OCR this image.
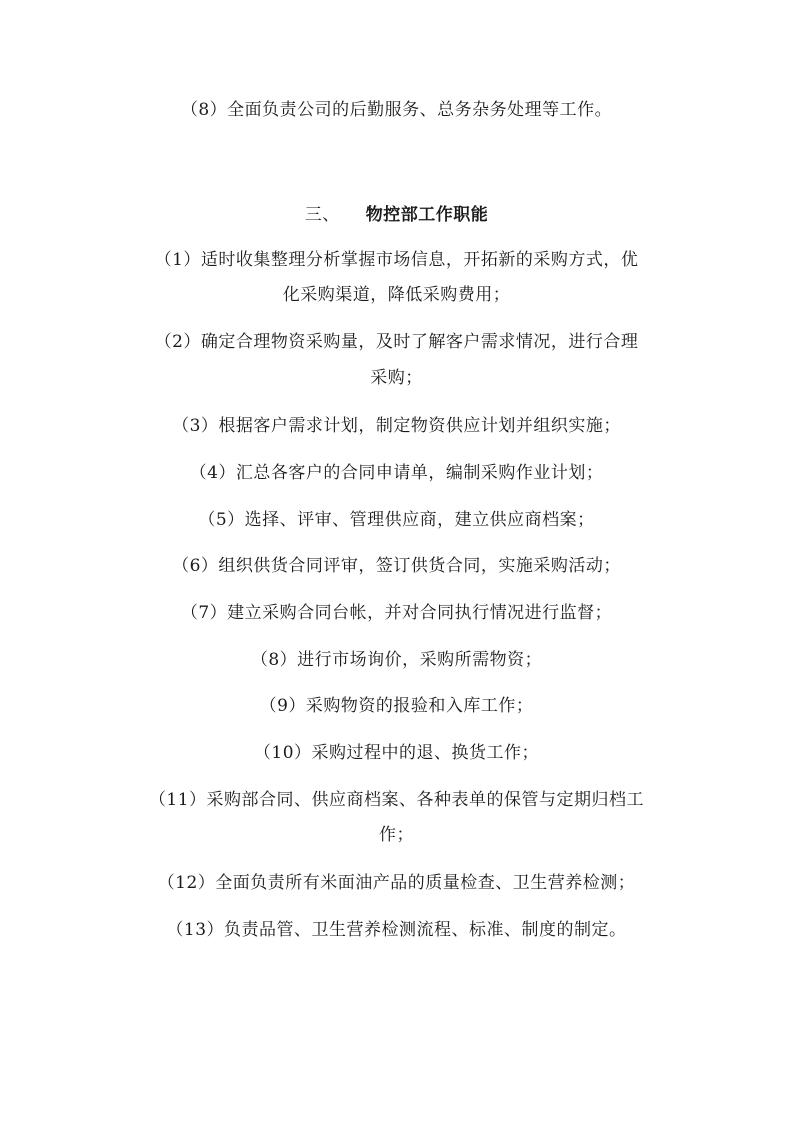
（8）全面负责公司的后勤服务、总务杂务处理等工作。
三、 物控部工作职能
（1）适时收集整理分析掌握市场信息，开拓新的采购方式，优
化采购渠道，降低采购费用；
（2）确定合理物资采购量，及时了解客户需求情况，进行合理
采购；
（3）根据客户需求计划，制定物资供应计划并组织实施；
（4）汇总各客户的合同申请单，编制采购作业计划；
（5）选择、评审、管理供应商，建立供应商档案；
（6）组织供货合同评审，签订供货合同，实施采购活动；
（7）建立采购合同台帐，并对合同执行情况进行监督；
（8）进行市场询价，采购所需物资；
（9）采购物资的报验和入库工作；
（10）采购过程中的退、换货工作；
（11）采购部合同、供应商档案、各种表单的保管与定期归档工
作；
（12）全面负责所有米面油产品的质量检查、卫生营养检测；
（13）负责品管、卫生营养检测流程、标准、制度的制定。
